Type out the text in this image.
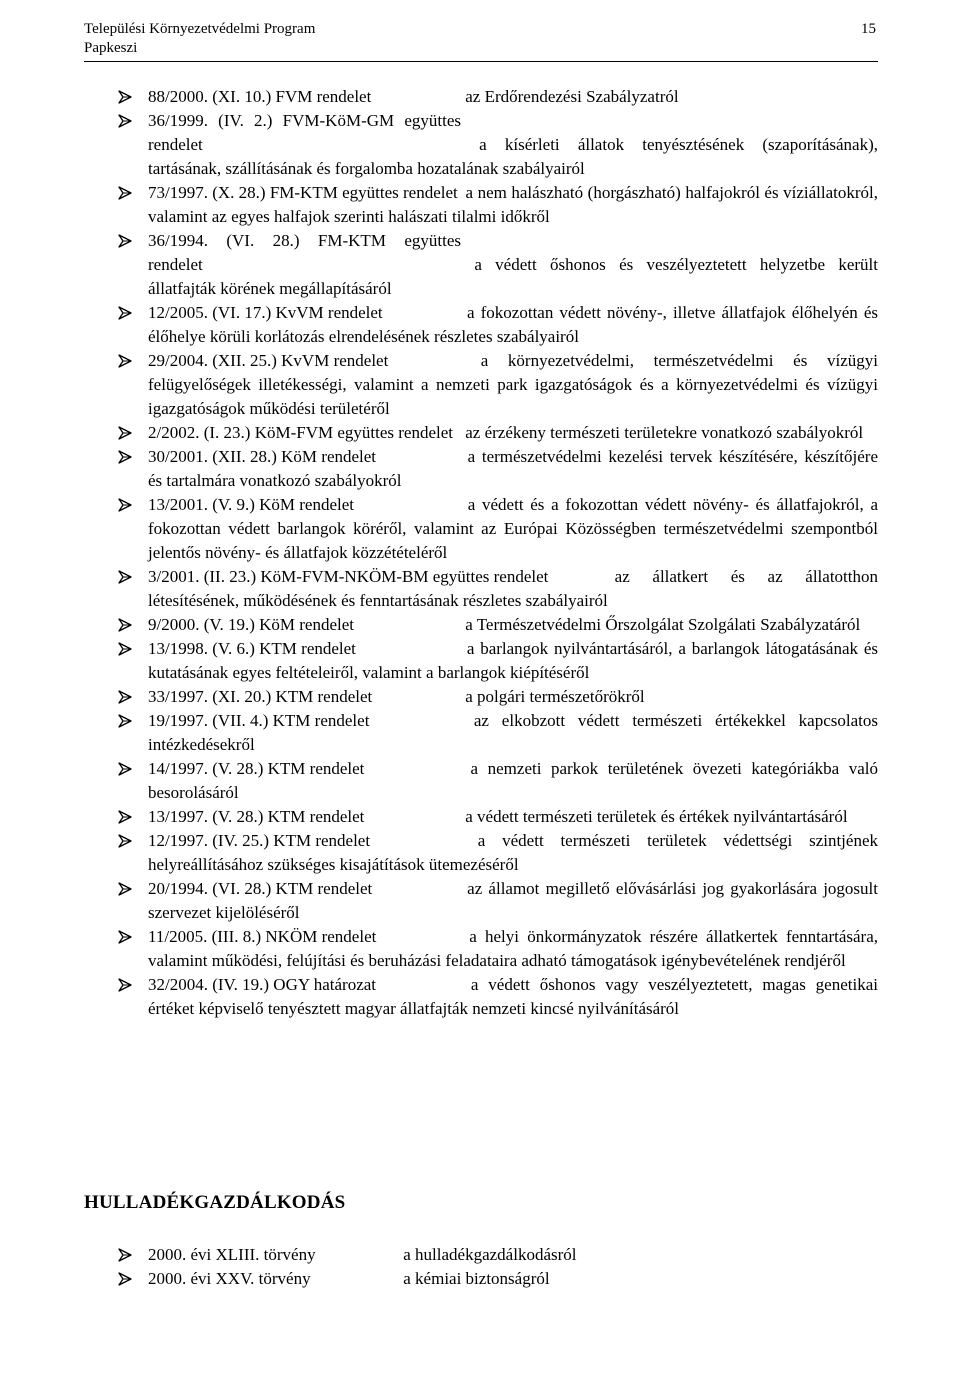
Települési Környezetvédelmi Program
Papkeszi
15
88/2000. (XI. 10.) FVM rendelet	az Erdőrendezési Szabályzatról
36/1999. (IV. 2.) FVM-KöM-GM együttes rendelet	a kísérleti állatok tenyésztésének (szaporításának), tartásának, szállításának és forgalomba hozatalának szabályairól
73/1997. (X. 28.) FM-KTM együttes rendelet a nem halászható (horgászható) halfajokról és víziállatokról, valamint az egyes halfajok szerinti halászati tilalmi időkről
36/1994. (VI. 28.) FM-KTM együttes rendelet	a védett őshonos és veszélyeztetett helyzetbe került állatfajták körének megállapításáról
12/2005. (VI. 17.) KvVM rendelet	a fokozottan védett növény-, illetve állatfajok élőhelyén és élőhelye körüli korlátozás elrendelésének részletes szabályairól
29/2004. (XII. 25.) KvVM rendelet	a környezetvédelmi, természetvédelmi és vízügyi felügyelőségek illetékességi, valamint a nemzeti park igazgatóságok és a környezetvédelmi és vízügyi igazgatóságok működési területéről
2/2002. (I. 23.) KöM-FVM együttes rendelet az érzékeny természeti területekre vonatkozó szabályokról
30/2001. (XII. 28.) KöM rendelet	a természetvédelmi kezelési tervek készítésére, készítőjére és tartalmára vonatkozó szabályokról
13/2001. (V. 9.) KöM rendelet	a védett és a fokozottan védett növény- és állatfajokról, a fokozottan védett barlangok köréről, valamint az Európai Közösségben természetvédelmi szempontból jelentős növény- és állatfajok közzétételéről
3/2001. (II. 23.) KöM-FVM-NKÖM-BM együttes rendelet	az állatkert és az állatotthon létesítésének, működésének és fenntartásának részletes szabályairól
9/2000. (V. 19.) KöM rendelet	a Természetvédelmi Őrszolgálat Szolgálati Szabályzatáról
13/1998. (V. 6.) KTM rendelet	a barlangok nyilvántartásáról, a barlangok látogatásának és kutatásának egyes feltételeiről, valamint a barlangok kiépítéséről
33/1997. (XI. 20.) KTM rendelet	a polgári természetőrökről
19/1997. (VII. 4.) KTM rendelet	az elkobzott védett természeti értékekkel kapcsolatos intézkedésekről
14/1997. (V. 28.) KTM rendelet	a nemzeti parkok területének övezeti kategóriákba való besorolásáról
13/1997. (V. 28.) KTM rendelet	a védett természeti területek és értékek nyilvántartásáról
12/1997. (IV. 25.) KTM rendelet	a védett természeti területek védettségi szintjének helyreállításához szükséges kisajátítások ütemezéséről
20/1994. (VI. 28.) KTM rendelet	az államot megillető elővásárlási jog gyakorlására jogosult szervezet kijelöléséről
11/2005. (III. 8.) NKÖM rendelet	a helyi önkormányzatok részére állatkertek fenntartására, valamint működési, felújítási és beruházási feladataira adható támogatások igénybevételének rendjéről
32/2004. (IV. 19.) OGY határozat	a védett őshonos vagy veszélyeztetett, magas genetikai értéket képviselő tenyésztett magyar állatfajták nemzeti kincsé nyilvánításáról
HULLADÉKGAZDÁLKODÁS
2000. évi XLIII. törvény	a hulladékgazdálkodásról
2000. évi XXV. törvény	a kémiai biztonságról
